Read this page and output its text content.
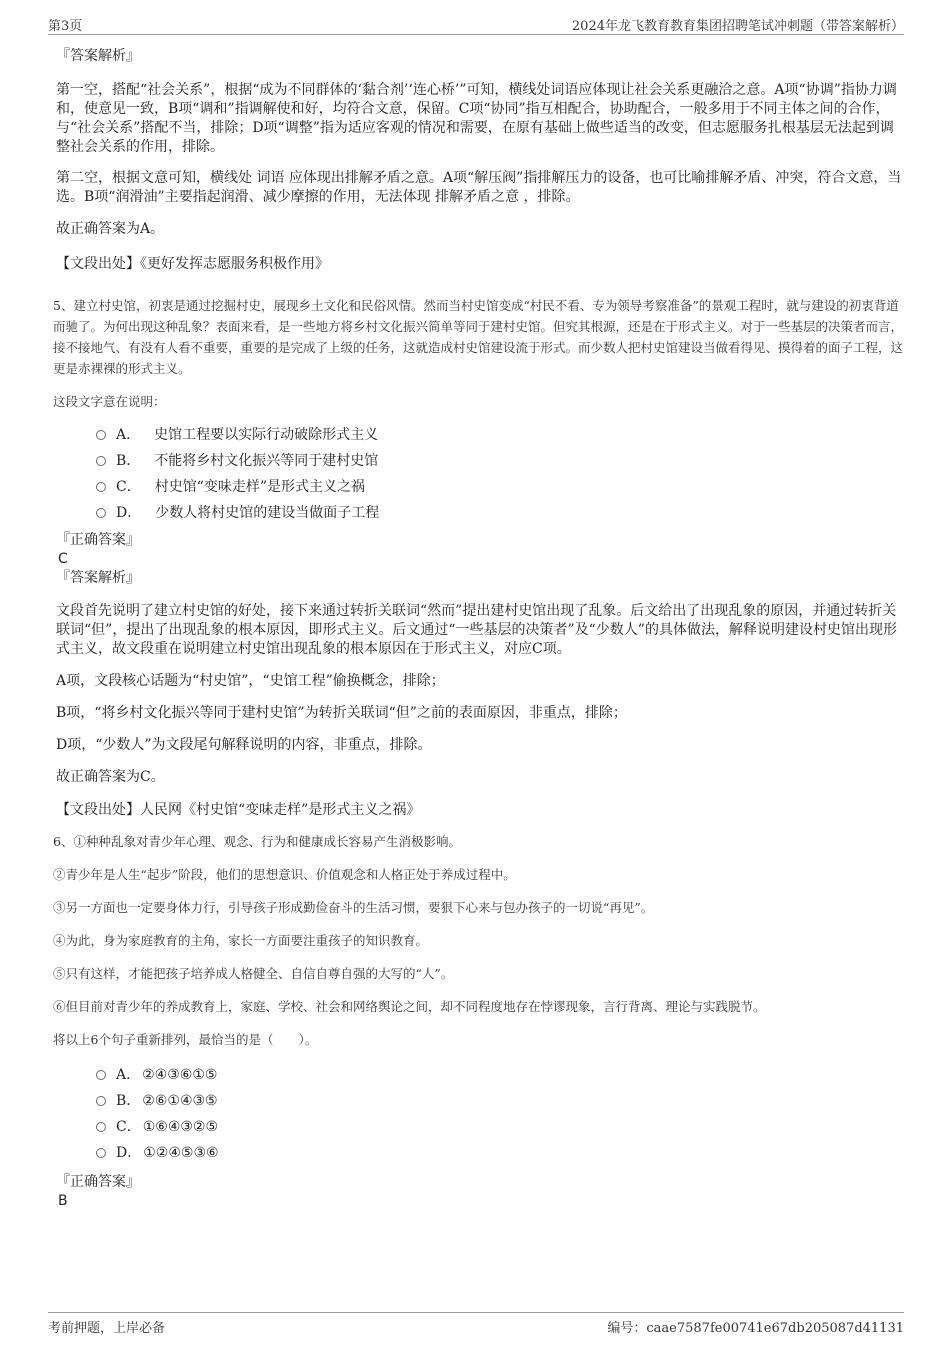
第3页	2024年龙飞教育教育集团招聘笔试冲刺题（带答案解析）

『答案解析』

第一空，搭配“社会关系”，根据“成为不同群体的‘黏合剂’‘连心桥’”可知，横线处词语应体现让社会关系更融洽之意。A项“协调”指协力调和，使意见一致，B项“调和”指调解使和好，均符合文意，保留。C项“协同”指互相配合，协助配合，一般多用于不同主体之间的合作，与“社会关系”搭配不当，排除；D项“调整”指为适应客观的情况和需要，在原有基础上做些适当的改变，但志愿服务扎根基层无法起到调整社会关系的作用，排除。

第二空，根据文意可知，横线处 词语 应体现出排解矛盾之意。A项“解压阀”指排解压力的设备，也可比喻排解矛盾、冲突，符合文意，当选。B项“润滑油”主要指起润滑、减少摩擦的作用，无法体现 排解矛盾之意 ，排除。

故正确答案为A。

【文段出处】《更好发挥志愿服务积极作用》

5、建立村史馆，初衷是通过挖掘村史，展现乡土文化和民俗风情。然而当村史馆变成“村民不看、专为领导考察准备”的景观工程时，就与建设的初衷背道而驰了。为何出现这种乱象？表面来看，是一些地方将乡村文化振兴简单等同于建村史馆。但究其根源，还是在于形式主义。对于一些基层的决策者而言，接不接地气、有没有人看不重要，重要的是完成了上级的任务，这就造成村史馆建设流于形式。而少数人把村史馆建设当做看得见、摸得着的面子工程，这更是赤裸裸的形式主义。

这段文字意在说明：

A． 史馆工程要以实际行动破除形式主义
B． 不能将乡村文化振兴等同于建村史馆
C． 村史馆“变味走样”是形式主义之祸
D． 少数人将村史馆的建设当做面子工程

『正确答案』

C

『答案解析』

文段首先说明了建立村史馆的好处，接下来通过转折关联词“然而”提出建村史馆出现了乱象。后文给出了出现乱象的原因，并通过转折关联词“但”，提出了出现乱象的根本原因，即形式主义。后文通过“一些基层的决策者”及“少数人”的具体做法，解释说明建设村史馆出现形式主义，故文段重在说明建立村史馆出现乱象的根本原因在于形式主义，对应C项。

A项，文段核心话题为“村史馆”，“史馆工程”偷换概念，排除；

B项，“将乡村文化振兴等同于建村史馆”为转折关联词“但”之前的表面原因，非重点，排除；

D项，“少数人”为文段尾句解释说明的内容，非重点，排除。

故正确答案为C。

【文段出处】人民网《村史馆“变味走样”是形式主义之祸》

6、①种种乱象对青少年心理、观念、行为和健康成长容易产生消极影响。

②青少年是人生“起步”阶段，他们的思想意识、价值观念和人格正处于养成过程中。

③另一方面也一定要身体力行，引导孩子形成勤俭奋斗的生活习惯，要狠下心来与包办孩子的一切说“再见”。

④为此，身为家庭教育的主角，家长一方面要注重孩子的知识教育。

⑤只有这样，才能把孩子培养成人格健全、自信自尊自强的大写的“人”。

⑥但目前对青少年的养成教育上，家庭、学校、社会和网络舆论之间，却不同程度地存在悖谬现象，言行背离、理论与实践脱节。

将以上6个句子重新排列，最恰当的是（　　）。

A． ②④③⑥①⑤
B． ②⑥①④③⑤
C． ①⑥④③②⑤
D． ①②④⑤③⑥

『正确答案』

B

考前押题，上岸必备	编号：caae7587fe00741e67db205087d41131
